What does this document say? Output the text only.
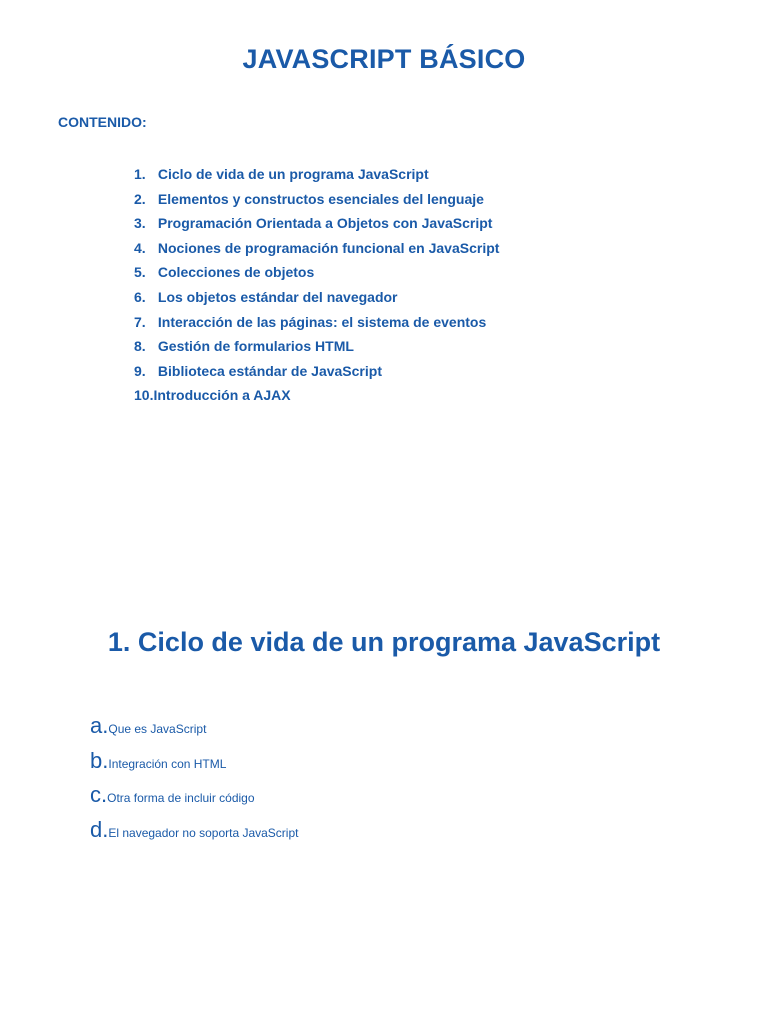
JAVASCRIPT BÁSICO
CONTENIDO:
1. Ciclo de vida de un programa JavaScript
2. Elementos y constructos esenciales del lenguaje
3. Programación Orientada a Objetos con JavaScript
4. Nociones de programación funcional en JavaScript
5. Colecciones de objetos
6. Los objetos estándar del navegador
7. Interacción de las páginas: el sistema de eventos
8. Gestión de formularios HTML
9. Biblioteca estándar de JavaScript
10.Introducción a AJAX
1. Ciclo de vida de un programa JavaScript
a.Que es JavaScript
b.Integración con HTML
c.Otra forma de incluir código
d.El navegador no soporta JavaScript
